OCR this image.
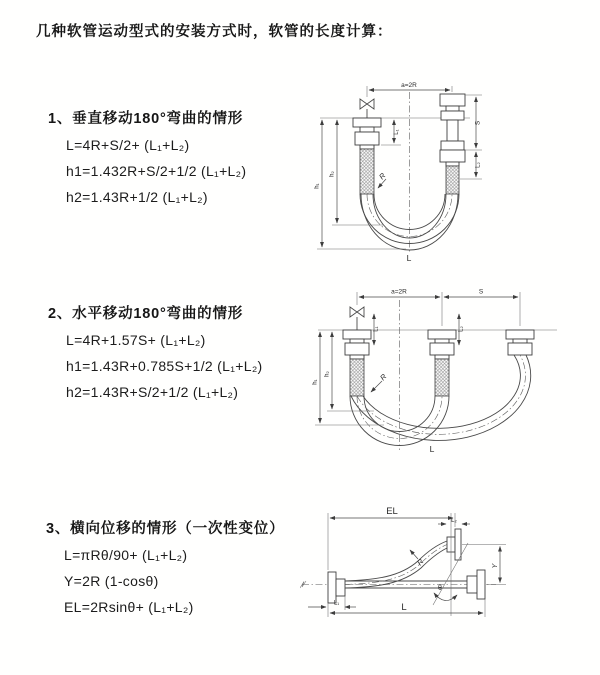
几种软管运动型式的安装方式时，软管的长度计算：
1、垂直移动180°弯曲的情形
L=4R+S/2+ (L₁+L₂)
h1=1.432R+S/2+1/2 (L₁+L₂)
h2=1.43R+1/2 (L₁+L₂)
a=2R
R
L₁
S
L₂
h₂
h₁
L
2、水平移动180°弯曲的情形
L=4R+1.57S+ (L₁+L₂)
h1=1.43R+0.785S+1/2 (L₁+L₂)
h2=1.43R+S/2+1/2 (L₁+L₂)
a=2R	S
R
L₁	L₂
h₂
h₁
L
3、横向位移的情形（一次性变位）
L=πRθ/90+ (L₁+L₂)
Y=2R (1-cosθ)
EL=2Rsinθ+ (L₁+L₂)
EL
L₂
Y
θ
R
L
L₁
